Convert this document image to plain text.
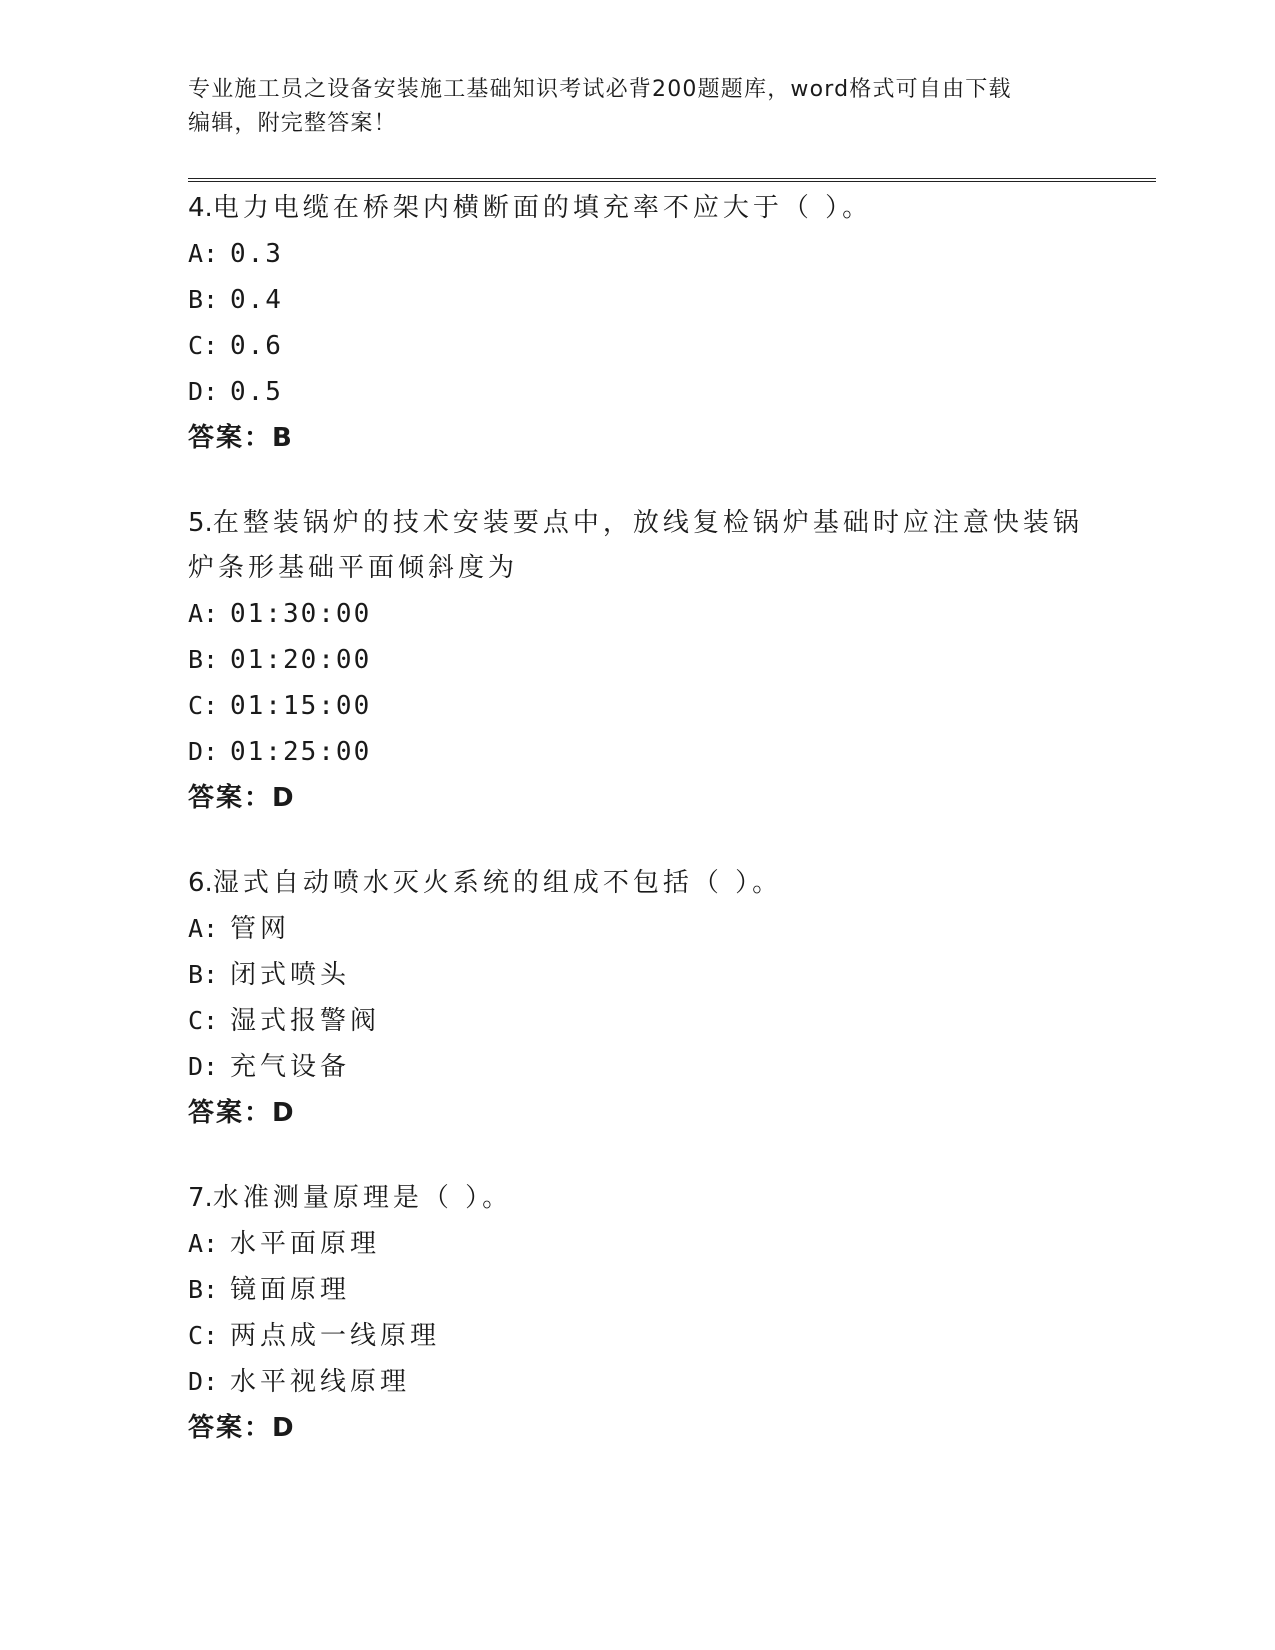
专业施工员之设备安装施工基础知识考试必背200题题库，word格式可自由下载
编辑，附完整答案！
4.电力电缆在桥架内横断面的填充率不应大于（ ）。
A: 0.3
B: 0.4
C: 0.6
D: 0.5
答案：B
5.在整装锅炉的技术安装要点中，放线复检锅炉基础时应注意快装锅炉条形基础平面倾斜度为
A: 01:30:00
B: 01:20:00
C: 01:15:00
D: 01:25:00
答案：D
6.湿式自动喷水灭火系统的组成不包括（ ）。
A: 管网
B: 闭式喷头
C: 湿式报警阀
D: 充气设备
答案：D
7.水准测量原理是（ ）。
A: 水平面原理
B: 镜面原理
C: 两点成一线原理
D: 水平视线原理
答案：D
